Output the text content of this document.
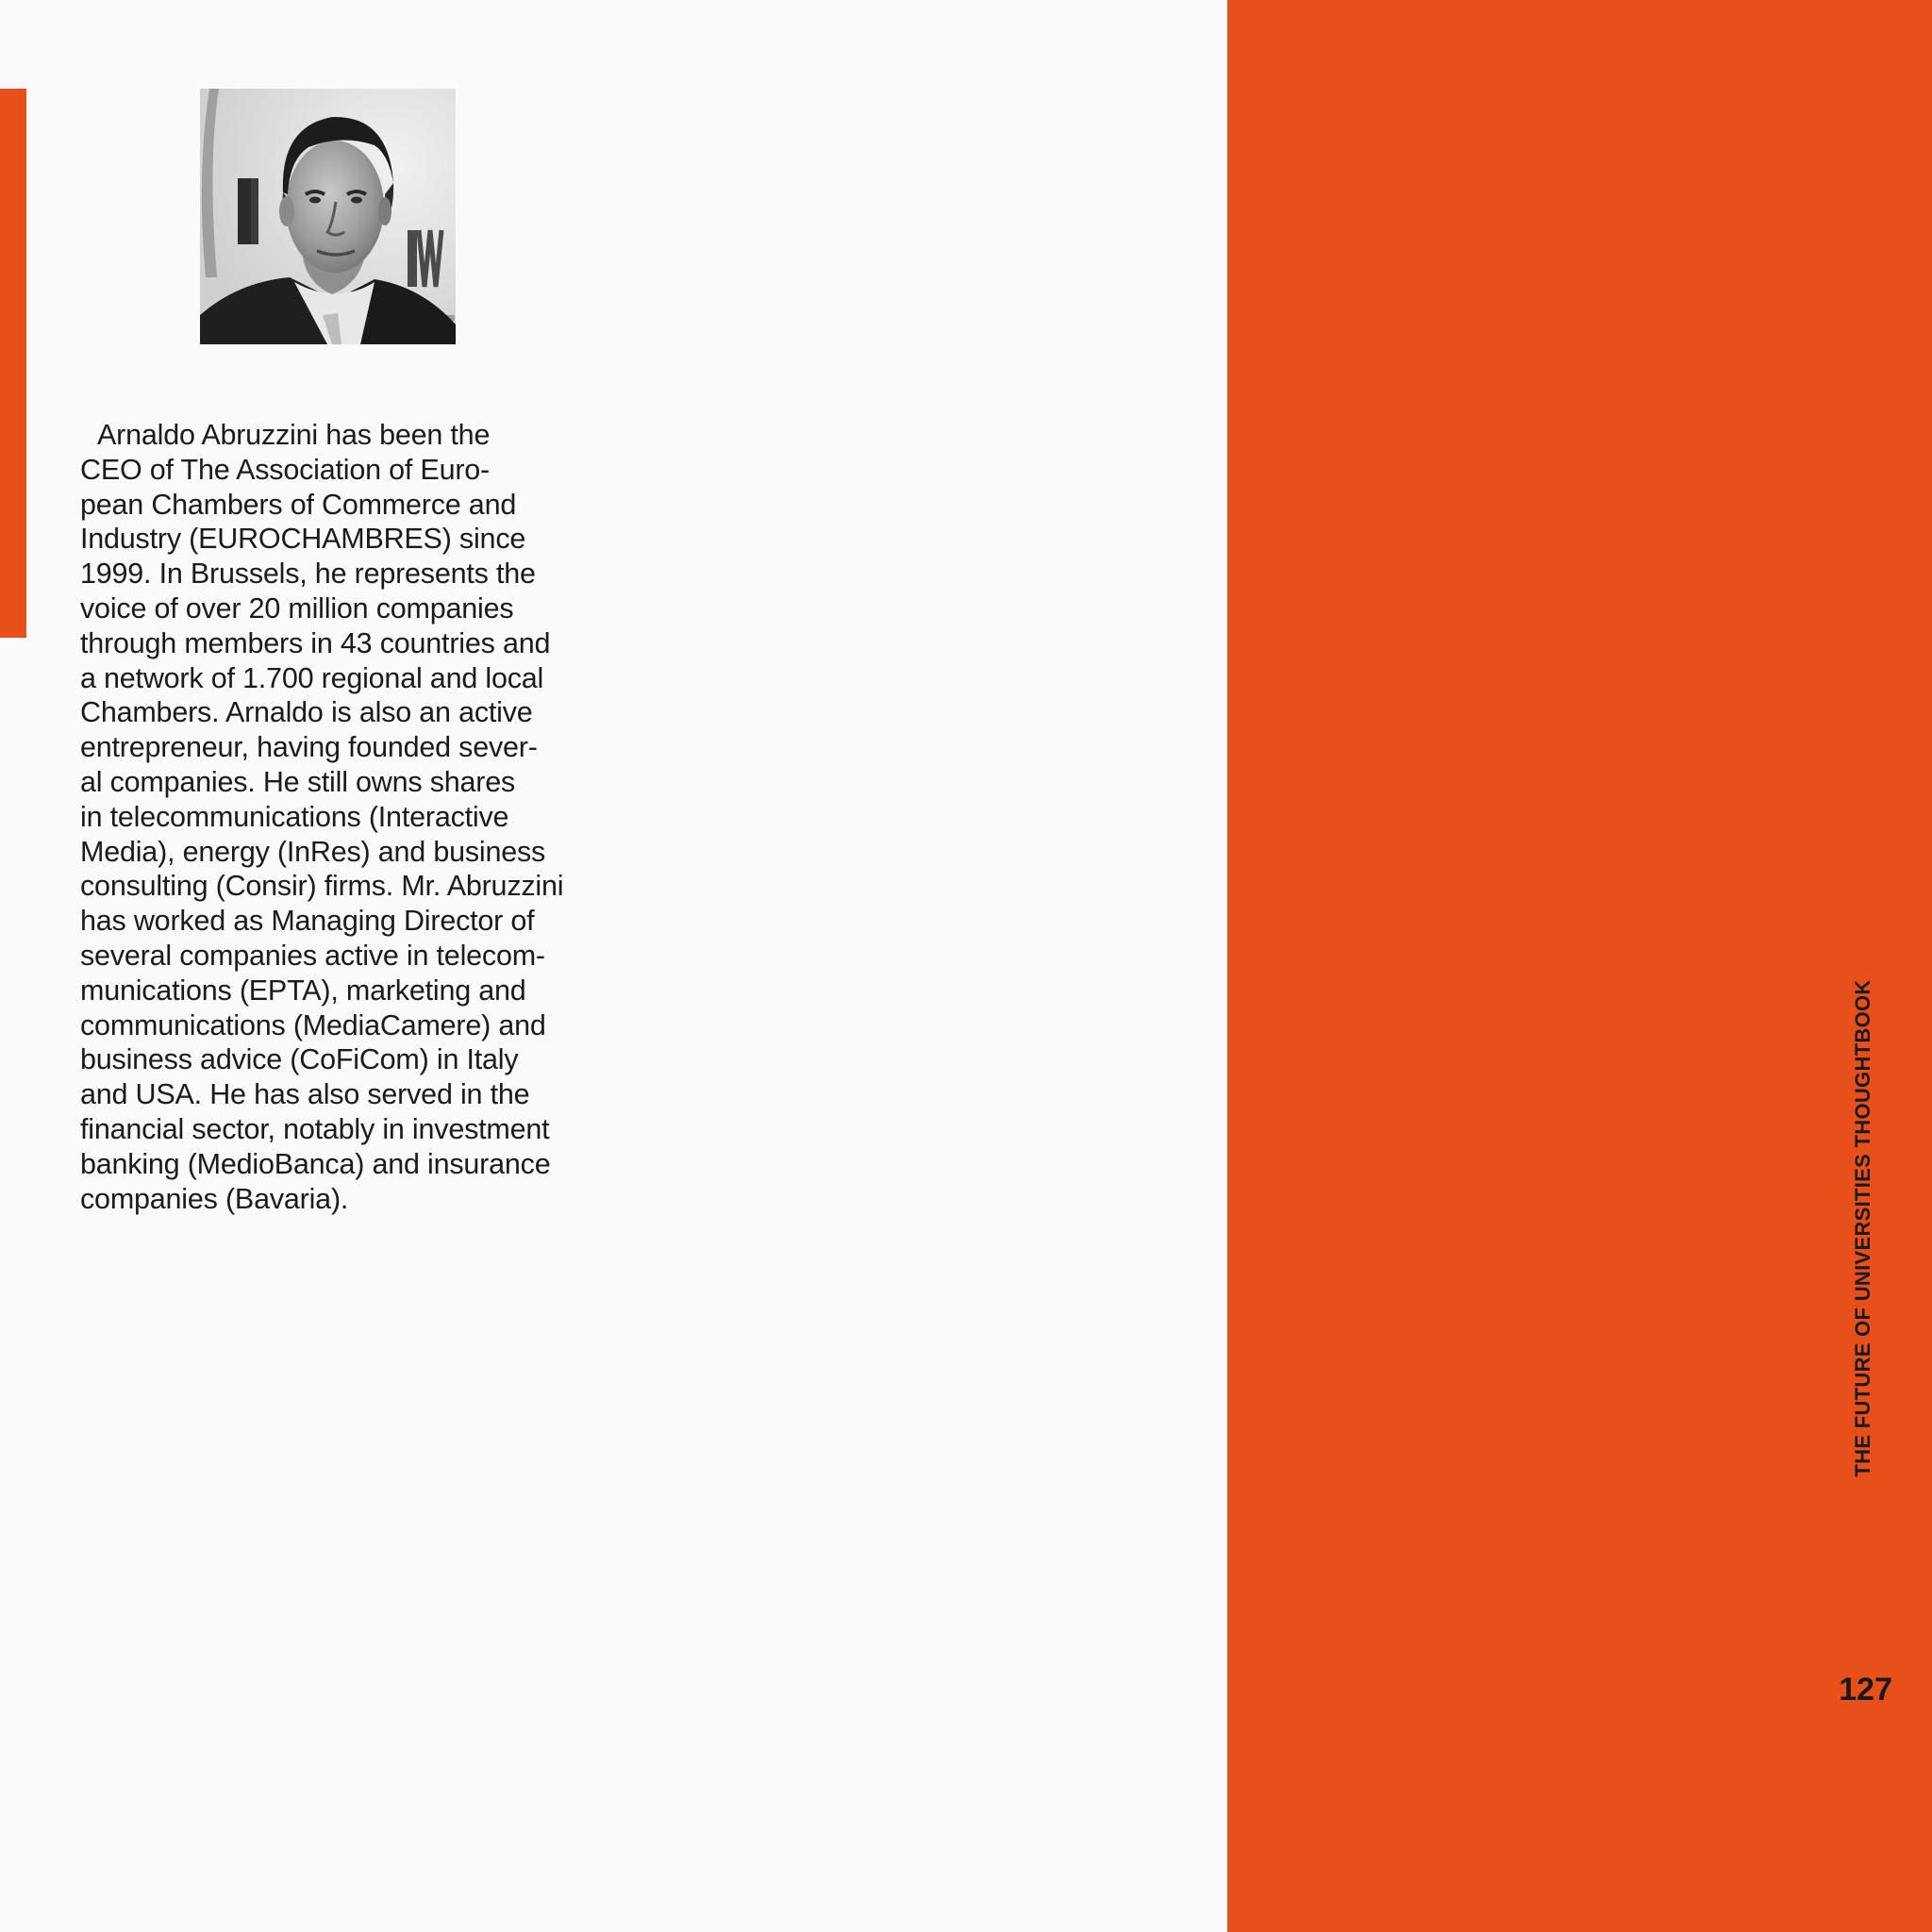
Arnaldo Abruzzini has been the
CEO of The Association of Euro-
pean Chambers of Commerce and
Industry (EUROCHAMBRES) since
1999. In Brussels, he represents the
voice of over 20 million companies
through members in 43 countries and
a network of 1.700 regional and local
Chambers. Arnaldo is also an active
entrepreneur, having founded sever-
al companies. He still owns shares
in telecommunications (Interactive
Media), energy (InRes) and business
consulting (Consir) firms. Mr. Abruzzini
has worked as Managing Director of
several companies active in telecom-
munications (EPTA), marketing and
communications (MediaCamere) and
business advice (CoFiCom) in Italy
and USA. He has also served in the
financial sector, notably in investment
banking (MedioBanca) and insurance
companies (Bavaria).	THE FUTURE OF UNIVERSITIES THOUGHTBOOK
127
